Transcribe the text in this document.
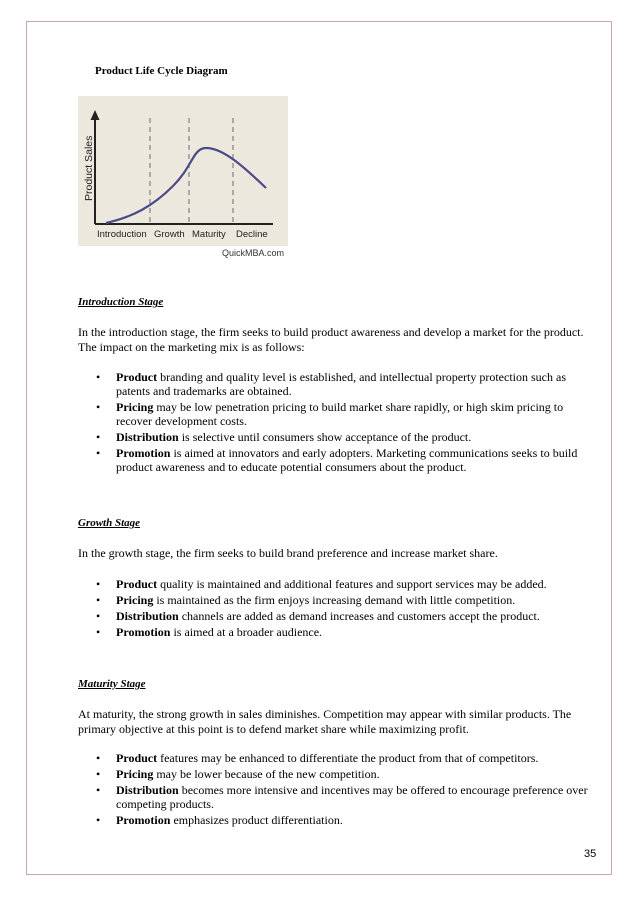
Product Life Cycle Diagram
Product Sales
Introduction Growth Maturity Decline
QuickMBA.com
Introduction Stage
In the introduction stage, the firm seeks to build product awareness and develop a market for the product. The impact on the marketing mix is as follows:
• Product branding and quality level is established, and intellectual property protection such as patents and trademarks are obtained.
• Pricing may be low penetration pricing to build market share rapidly, or high skim pricing to recover development costs.
• Distribution is selective until consumers show acceptance of the product.
• Promotion is aimed at innovators and early adopters. Marketing communications seeks to build product awareness and to educate potential consumers about the product.
Growth Stage
In the growth stage, the firm seeks to build brand preference and increase market share.
• Product quality is maintained and additional features and support services may be added.
• Pricing is maintained as the firm enjoys increasing demand with little competition.
• Distribution channels are added as demand increases and customers accept the product.
• Promotion is aimed at a broader audience.
Maturity Stage
At maturity, the strong growth in sales diminishes. Competition may appear with similar products. The primary objective at this point is to defend market share while maximizing profit.
• Product features may be enhanced to differentiate the product from that of competitors.
• Pricing may be lower because of the new competition.
• Distribution becomes more intensive and incentives may be offered to encourage preference over competing products.
• Promotion emphasizes product differentiation.
35
